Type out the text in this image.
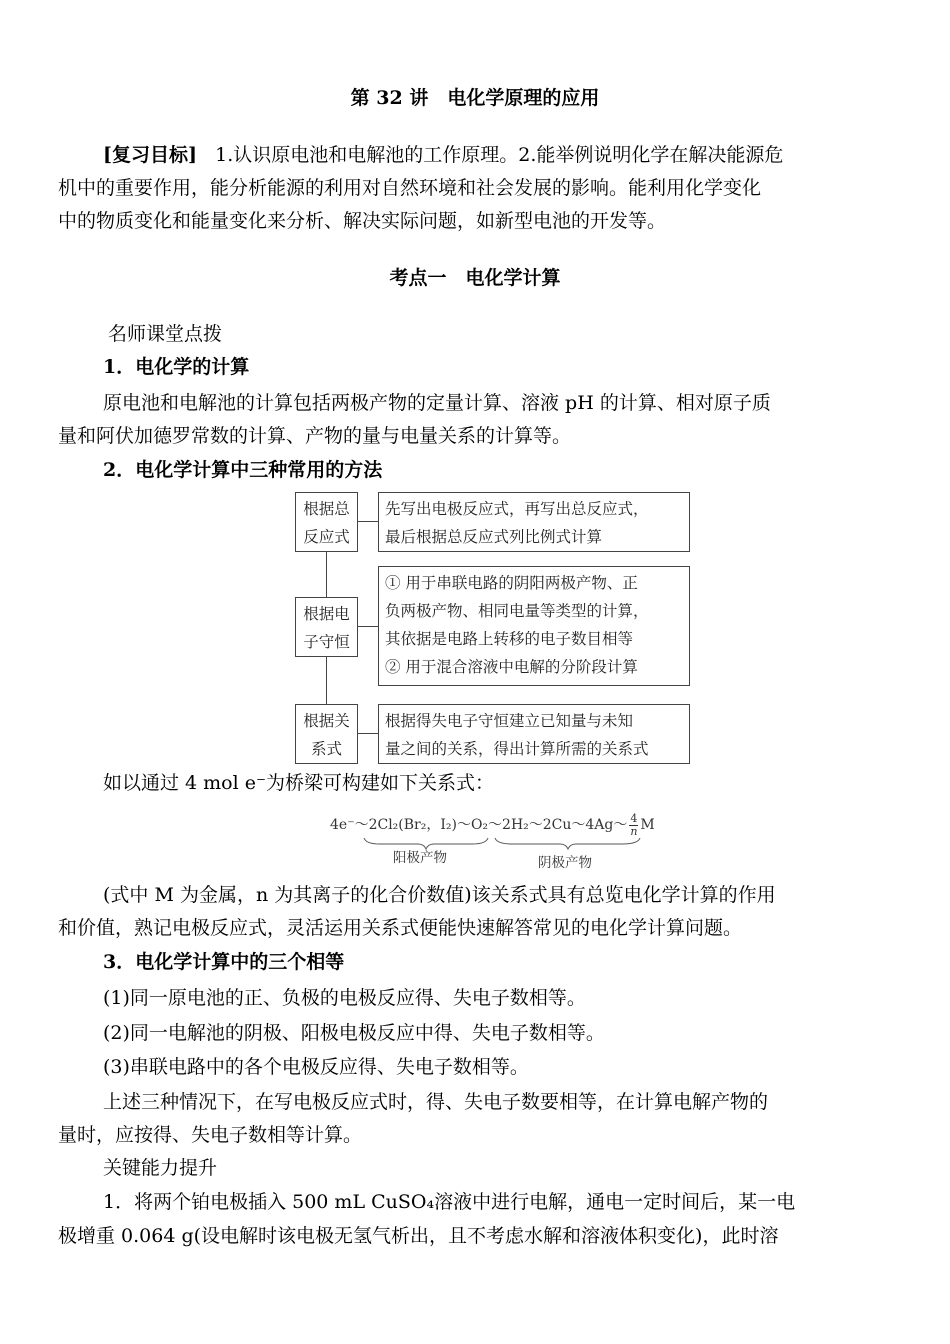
第 32 讲　电化学原理的应用
[复习目标] 1.认识原电池和电解池的工作原理。2.能举例说明化学在解决能源危
机中的重要作用，能分析能源的利用对自然环境和社会发展的影响。能利用化学变化
中的物质变化和能量变化来分析、解决实际问题，如新型电池的开发等。
考点一　电化学计算
名师课堂点拨
1．电化学的计算
原电池和电解池的计算包括两极产物的定量计算、溶液 pH 的计算、相对原子质
量和阿伏加德罗常数的计算、产物的量与电量关系的计算等。
2．电化学计算中三种常用的方法
根据总
反应式
先写出电极反应式，再写出总反应式，
最后根据总反应式列比例式计算
根据电
子守恒
① 用于串联电路的阴阳两极产物、正
负两极产物、相同电量等类型的计算，
其依据是电路上转移的电子数目相等
② 用于混合溶液中电解的分阶段计算
根据关
系式
根据得失电子守恒建立已知量与未知
量之间的关系，得出计算所需的关系式
如以通过 4 mol e⁻为桥梁可构建如下关系式：
4e⁻～2Cl₂(Br₂，I₂)～O₂～2H₂～2Cu～4Ag～ $\frac{4}{n}$ M
阳极产物	阴极产物
(式中 M 为金属，n 为其离子的化合价数值)该关系式具有总览电化学计算的作用
和价值，熟记电极反应式，灵活运用关系式便能快速解答常见的电化学计算问题。
3．电化学计算中的三个相等
(1)同一原电池的正、负极的电极反应得、失电子数相等。
(2)同一电解池的阴极、阳极电极反应中得、失电子数相等。
(3)串联电路中的各个电极反应得、失电子数相等。
上述三种情况下，在写电极反应式时，得、失电子数要相等，在计算电解产物的
量时，应按得、失电子数相等计算。
关键能力提升
1．将两个铂电极插入 500 mL CuSO₄溶液中进行电解，通电一定时间后，某一电
极增重 0.064 g(设电解时该电极无氢气析出，且不考虑水解和溶液体积变化)，此时溶
